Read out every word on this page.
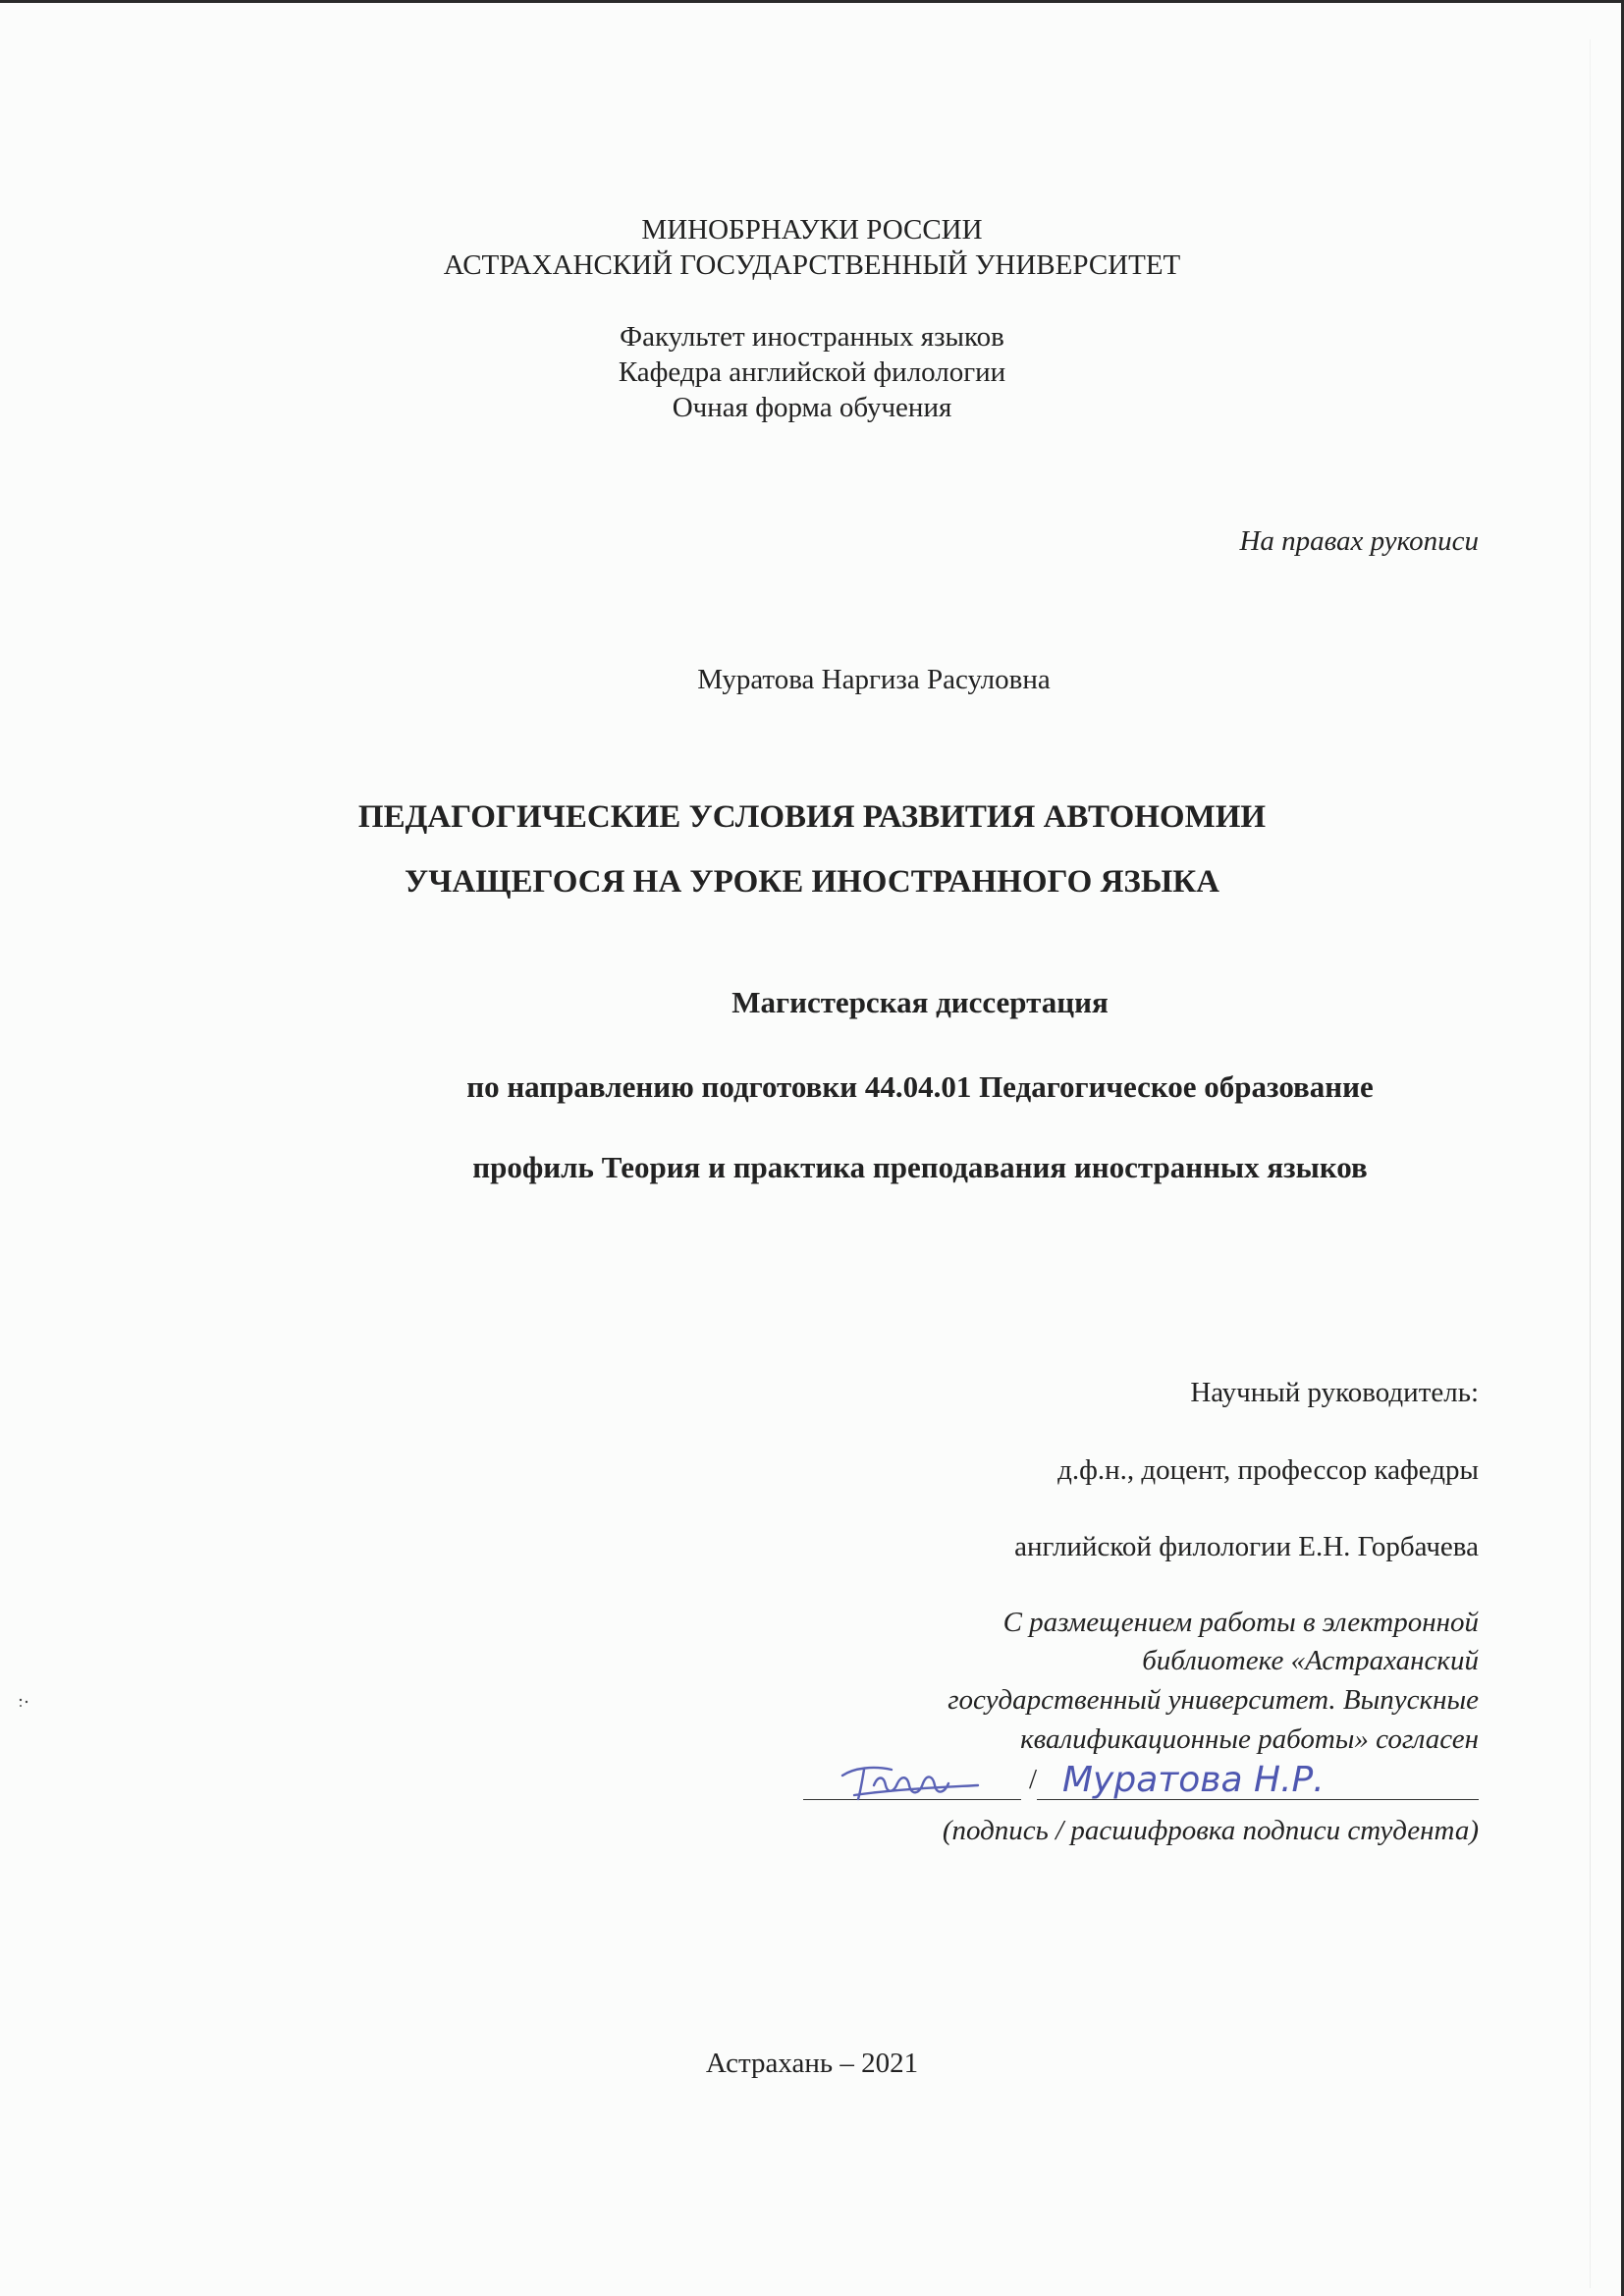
МИНОБРНАУКИ РОССИИ
АСТРАХАНСКИЙ ГОСУДАРСТВЕННЫЙ УНИВЕРСИТЕТ
Факультет иностранных языков
Кафедра английской филологии
Очная форма обучения
На правах рукописи
Муратова Наргиза Расуловна
ПЕДАГОГИЧЕСКИЕ УСЛОВИЯ РАЗВИТИЯ АВТОНОМИИ
УЧАЩЕГОСЯ НА УРОКЕ ИНОСТРАННОГО ЯЗЫКА
Магистерская диссертация
по направлению подготовки 44.04.01 Педагогическое образование
профиль Теория и практика преподавания иностранных языков
Научный руководитель:
д.ф.н., доцент, профессор кафедры
английской филологии Е.Н. Горбачева
С размещением работы в электронной
библиотеке «Астраханский
государственный университет. Выпускные
квалификационные работы» согласен
/ Муратова Н.Р.
(подпись / расшифровка подписи студента)
Астрахань – 2021
